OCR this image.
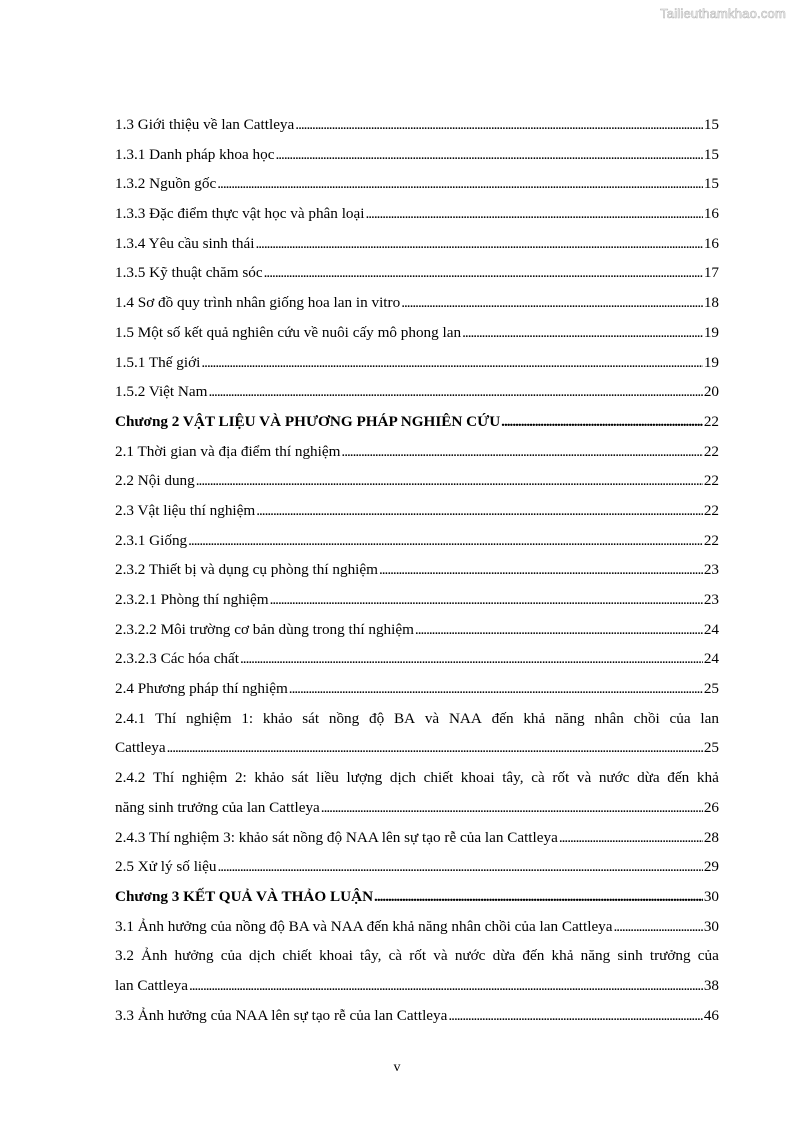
Tailieuthamkhao.com
1.3 Giới thiệu về lan Cattleya . . .	15
1.3.1 Danh pháp khoa học . . .	15
1.3.2 Nguồn gốc . . .	15
1.3.3 Đặc điểm thực vật học và phân loại . . .	16
1.3.4 Yêu cầu sinh thái . . .	16
1.3.5 Kỹ thuật chăm sóc . . .	17
1.4 Sơ đồ quy trình nhân giống hoa lan in vitro . . .	18
1.5 Một số kết quả nghiên cứu về nuôi cấy mô phong lan . . .	19
1.5.1 Thế giới . . .	19
1.5.2 Việt Nam . . .	20
Chương 2 VẬT LIỆU VÀ PHƯƠNG PHÁP NGHIÊN CỨU . . .	22
2.1 Thời gian và địa điểm thí nghiệm . . .	22
2.2 Nội dung . . .	22
2.3 Vật liệu thí nghiệm . . .	22
2.3.1 Giống . . .	22
2.3.2 Thiết bị và dụng cụ phòng thí nghiệm . . .	23
2.3.2.1 Phòng thí nghiệm . . .	23
2.3.2.2 Môi trường cơ bản dùng trong thí nghiệm . . .	24
2.3.2.3 Các hóa chất . . .	24
2.4 Phương pháp thí nghiệm . . .	25
2.4.1 Thí nghiệm 1: khảo sát nồng độ BA và NAA đến khả năng nhân chồi của lan
Cattleya . . .	25
2.4.2 Thí nghiệm 2: khảo sát liều lượng dịch chiết khoai tây, cà rốt và nước dừa đến khả
năng sinh trưởng của lan Cattleya . . .	26
2.4.3 Thí nghiệm 3: khảo sát nồng độ NAA lên sự tạo rễ của lan Cattleya . . .	28
2.5 Xử lý số liệu . . .	29
Chương 3 KẾT QUẢ VÀ THẢO LUẬN . . .	30
3.1 Ảnh hưởng của nồng độ BA và NAA đến khả năng nhân chồi của lan Cattleya . . .	30
3.2 Ảnh hưởng của dịch chiết khoai tây, cà rốt và nước dừa đến khả năng sinh trưởng của
lan Cattleya . . .	38
3.3 Ảnh hưởng của NAA lên sự tạo rễ của lan Cattleya . . .	46
v
